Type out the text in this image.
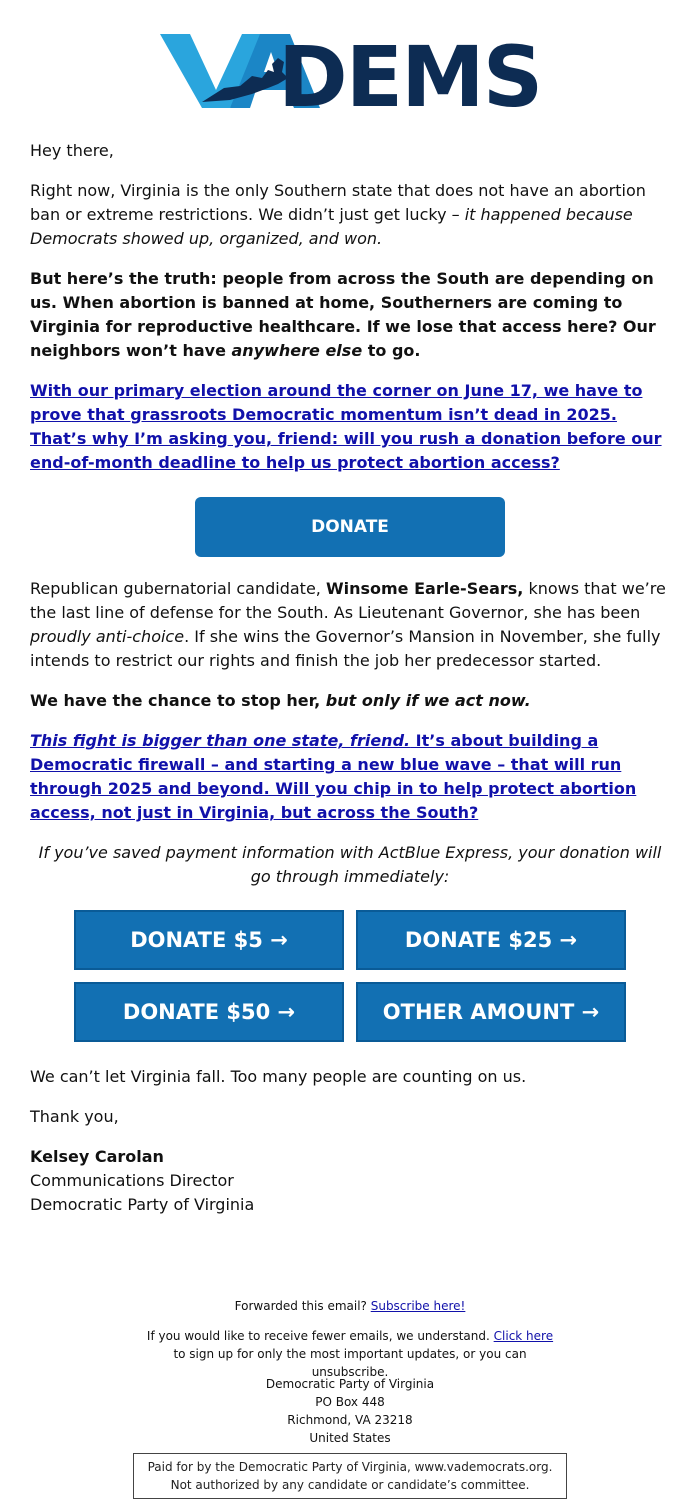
DEMS

Hey there,

Right now, Virginia is the only Southern state that does not have an abortion ban or extreme restrictions. We didn’t just get lucky – it happened because Democrats showed up, organized, and won.

But here’s the truth: people from across the South are depending on us. When abortion is banned at home, Southerners are coming to Virginia for reproductive healthcare. If we lose that access here? Our neighbors won’t have anywhere else to go.

With our primary election around the corner on June 17, we have to prove that grassroots Democratic momentum isn’t dead in 2025. That’s why I’m asking you, friend: will you rush a donation before our end-of-month deadline to help us protect abortion access?

Republican gubernatorial candidate, Winsome Earle-Sears, knows that we’re the last line of defense for the South. As Lieutenant Governor, she has been proudly anti-choice. If she wins the Governor’s Mansion in November, she fully intends to restrict our rights and finish the job her predecessor started.

We have the chance to stop her, but only if we act now.

This fight is bigger than one state, friend. It’s about building a Democratic firewall – and starting a new blue wave – that will run through 2025 and beyond. Will you chip in to help protect abortion access, not just in Virginia, but across the South?

If you’ve saved payment information with ActBlue Express, your donation will go through immediately:

We can’t let Virginia fall. Too many people are counting on us.

Thank you,

Kelsey Carolan

Communications Director

Democratic Party of Virginia

DONATE
DONATE $5 →	DONATE $25 →
DONATE $50 →	OTHER AMOUNT →
Forwarded this email? Subscribe here!
If you would like to receive fewer emails, we understand. Click here to sign up for only the most important updates, or you can unsubscribe.
Democratic Party of Virginia
PO Box 448
Richmond, VA 23218
United States
Paid for by the Democratic Party of Virginia, www.vademocrats.org.
Not authorized by any candidate or candidate’s committee.
